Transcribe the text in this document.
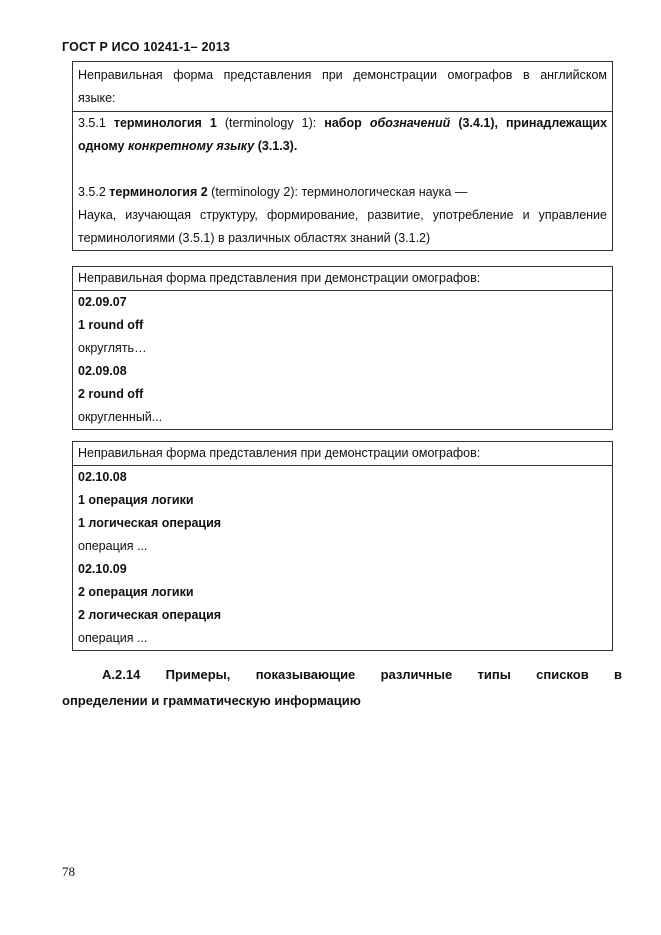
ГОСТ Р ИСО 10241-1– 2013
Неправильная форма представления при демонстрации омографов в английском
языке:
3.5.1 терминология 1 (terminology 1): набор обозначений (3.4.1), принадлежащих
одному конкретному языку (3.1.3).
3.5.2 терминология 2 (terminology 2): терминологическая наука —
Наука, изучающая структуру, формирование, развитие, употребление и управление
терминологиями (3.5.1) в различных областях знаний (3.1.2)
Неправильная форма представления при демонстрации омографов:
02.09.07
1 round off
округлять…
02.09.08
2 round off
округленный...
Неправильная форма представления при демонстрации омографов:
02.10.08
1 операция логики
1 логическая операция
операция ...
02.10.09
2 операция логики
2 логическая операция
операция ...
А.2.14 Примеры, показывающие различные типы списков в
определении и грамматическую информацию
78
